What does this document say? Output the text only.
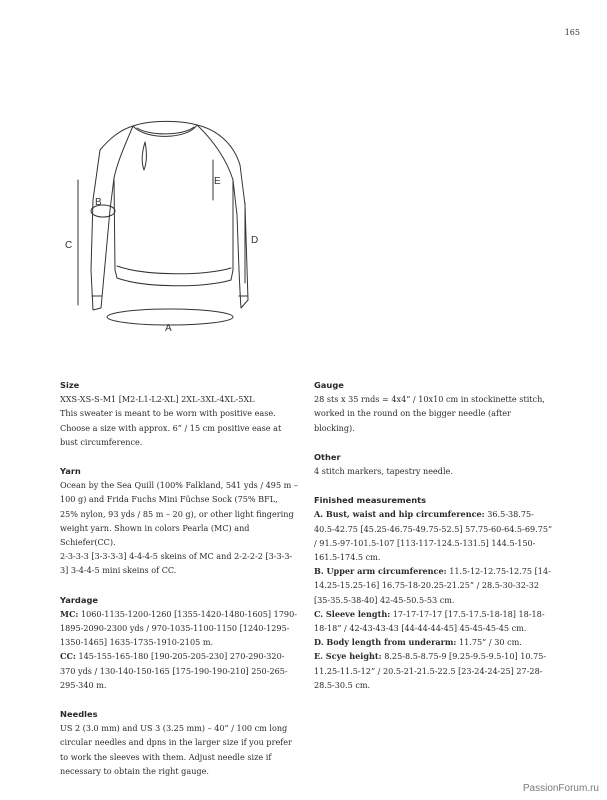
165
A
B
C	D
E
Size

XXS-XS-S-M1 [M2-L1-L2-XL] 2XL-3XL-4XL-5XL

This sweater is meant to be worn with positive ease. Choose a size with approx. 6” / 15 cm positive ease at bust circumference.

Yarn

Ocean by the Sea Quill (100% Falkland, 541 yds / 495 m – 100 g) and Frida Fuchs Mini Füchse Sock (75% BFL, 25% nylon, 93 yds / 85 m – 20 g), or other light fingering weight yarn. Shown in colors Pearla (MC) and Schiefer(CC).

2-3-3-3 [3-3-3-3] 4-4-4-5 skeins of MC and 2-2-2-2 [3-3-3-3] 3-4-4-5 mini skeins of CC.

Yardage

MC: 1060-1135-1200-1260 [1355-1420-1480-1605] 1790-1895-2090-2300 yds / 970-1035-1100-1150 [1240-1295-1350-1465] 1635-1735-1910-2105 m.

CC: 145-155-165-180 [190-205-205-230] 270-290-320-370 yds / 130-140-150-165 [175-190-190-210] 250-265-295-340 m.

Needles

US 2 (3.0 mm) and US 3 (3.25 mm) – 40” / 100 cm long circular needles and dpns in the larger size if you prefer to work the sleeves with them. Adjust needle size if necessary to obtain the right gauge.

Gauge

28 sts x 35 rnds = 4x4” / 10x10 cm in stockinette stitch, worked in the round on the bigger needle (after blocking).

Other

4 stitch markers, tapestry needle.

Finished measurements

A. Bust, waist and hip circumference: 36.5-38.75-40.5-42.75 [45.25-46.75-49.75-52.5] 57.75-60-64.5-69.75” / 91.5-97-101.5-107 [113-117-124.5-131.5] 144.5-150-161.5-174.5 cm.

B. Upper arm circumference: 11.5-12-12.75-12.75 [14-14.25-15.25-16] 16.75-18-20.25-21.25” / 28.5-30-32-32 [35-35.5-38-40] 42-45-50.5-53 cm.

C. Sleeve length: 17-17-17-17 [17.5-17.5-18-18] 18-18-18-18” / 42-43-43-43 [44-44-44-45] 45-45-45-45 cm.

D. Body length from underarm: 11.75” / 30 cm.

E. Scye height: 8.25-8.5-8.75-9 [9.25-9.5-9.5-10] 10.75-11.25-11.5-12” / 20.5-21-21.5-22.5 [23-24-24-25] 27-28-28.5-30.5 cm.

PassionForum.ru
